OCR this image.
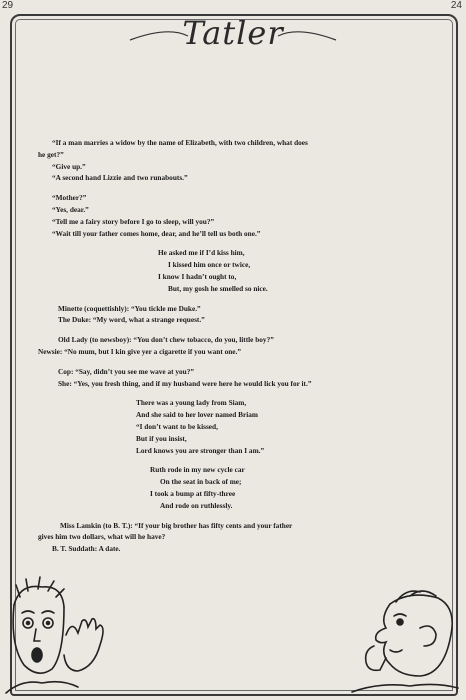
29	24
Tatler

“If a man marries a widow by the name of Elizabeth, with two children, what does

he get?”

“Give up.”

“A second hand Lizzie and two runabouts.”

“Mother?”

“Yes, dear.”

“Tell me a fairy story before I go to sleep, will you?”

“Wait till your father comes home, dear, and he’ll tell us both one.”

He asked me if I’d kiss him,

I kissed him once or twice,

I know I hadn’t ought to,

But, my gosh he smelled so nice.

Minette (coquettishly): “You tickle me Duke.”

The Duke: “My word, what a strange request.”

Old Lady (to newsboy): “You don’t chew tobacco, do you, little boy?”

Newsie: “No mum, but I kin give yer a cigarette if you want one.”

Cop: “Say, didn’t you see me wave at you?”

She: “Yes, you fresh thing, and if my husband were here he would lick you for it.”

There was a young lady from Siam,

And she said to her lover named Briam

“I don’t want to be kissed,

But if you insist,

Lord knows you are stronger than I am.”

Ruth rode in my new cycle car

On the seat in back of me;

I took a bump at fifty-three

And rode on ruthlessly.

Miss Lamkin (to B. T.): “If your big brother has fifty cents and your father

gives him two dollars, what will he have?

B. T. Suddath: A date.
